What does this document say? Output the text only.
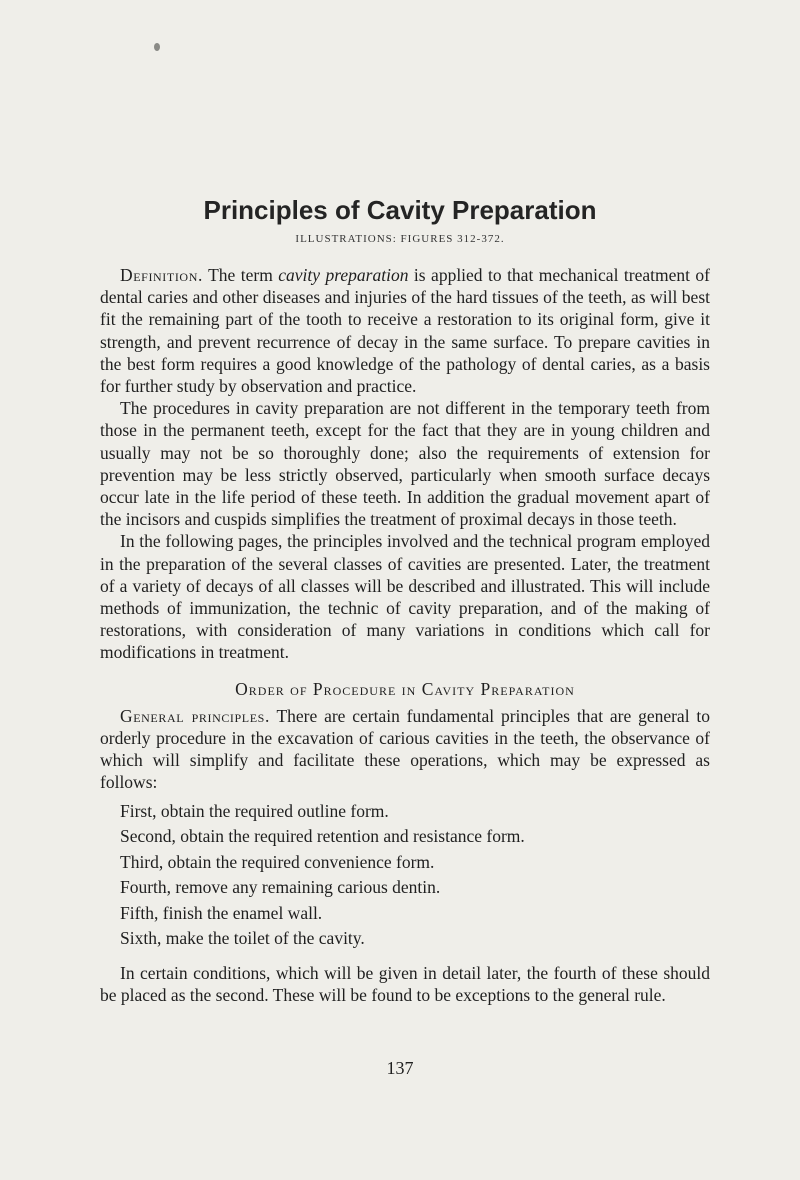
Principles of Cavity Preparation
ILLUSTRATIONS: FIGURES 312-372.

Definition. The term cavity preparation is applied to that mechanical treatment of dental caries and other diseases and injuries of the hard tissues of the teeth, as will best fit the remaining part of the tooth to receive a restoration to its original form, give it strength, and prevent recurrence of decay in the same surface. To prepare cavities in the best form requires a good knowledge of the pathology of dental caries, as a basis for further study by observation and practice.

The procedures in cavity preparation are not different in the temporary teeth from those in the permanent teeth, except for the fact that they are in young children and usually may not be so thoroughly done; also the requirements of extension for prevention may be less strictly observed, particularly when smooth surface decays occur late in the life period of these teeth. In addition the gradual movement apart of the incisors and cuspids simplifies the treatment of proximal decays in those teeth.

In the following pages, the principles involved and the technical program employed in the preparation of the several classes of cavities are presented. Later, the treatment of a variety of decays of all classes will be described and illustrated. This will include methods of immunization, the technic of cavity preparation, and of the making of restorations, with consideration of many variations in conditions which call for modifications in treatment.

Order of Procedure in Cavity Preparation

General principles. There are certain fundamental principles that are general to orderly procedure in the excavation of carious cavities in the teeth, the observance of which will simplify and facilitate these operations, which may be expressed as follows:

First, obtain the required outline form.
Second, obtain the required retention and resistance form.
Third, obtain the required convenience form.
Fourth, remove any remaining carious dentin.
Fifth, finish the enamel wall.
Sixth, make the toilet of the cavity.

In certain conditions, which will be given in detail later, the fourth of these should be placed as the second. These will be found to be exceptions to the general rule.

137
